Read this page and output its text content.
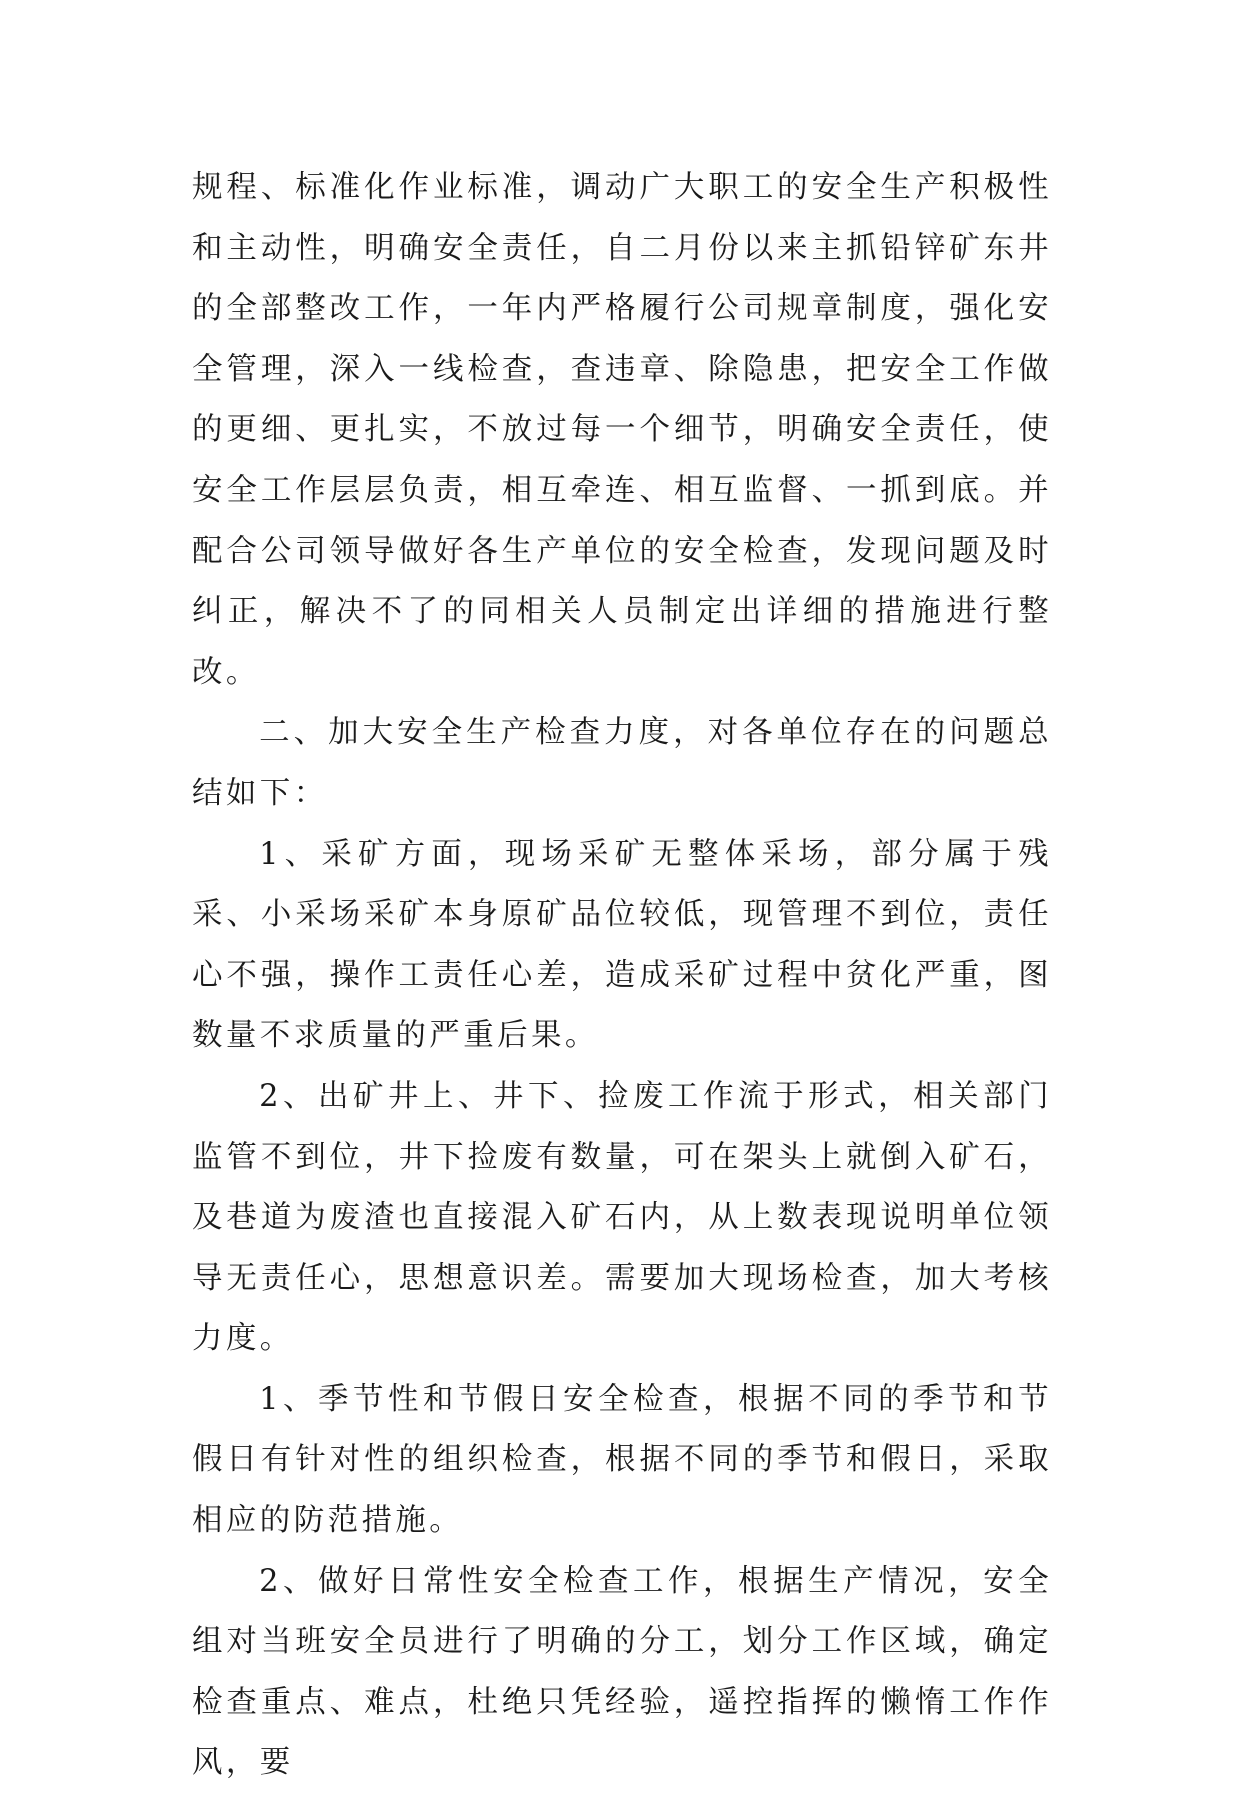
规程、标准化作业标准，调动广大职工的安全生产积极性和主动性，明确安全责任，自二月份以来主抓铅锌矿东井的全部整改工作，一年内严格履行公司规章制度，强化安全管理，深入一线检查，查违章、除隐患，把安全工作做的更细、更扎实，不放过每一个细节，明确安全责任，使安全工作层层负责，相互牵连、相互监督、一抓到底。并配合公司领导做好各生产单位的安全检查，发现问题及时纠正，解决不了的同相关人员制定出详细的措施进行整改。

二、加大安全生产检查力度，对各单位存在的问题总结如下：

1、采矿方面，现场采矿无整体采场，部分属于残采、小采场采矿本身原矿品位较低，现管理不到位，责任心不强，操作工责任心差，造成采矿过程中贫化严重，图数量不求质量的严重后果。

2、出矿井上、井下、捡废工作流于形式，相关部门监管不到位，井下捡废有数量，可在架头上就倒入矿石，及巷道为废渣也直接混入矿石内，从上数表现说明单位领导无责任心，思想意识差。需要加大现场检查，加大考核力度。

1、季节性和节假日安全检查，根据不同的季节和节假日有针对性的组织检查，根据不同的季节和假日，采取相应的防范措施。

2、做好日常性安全检查工作，根据生产情况，安全组对当班安全员进行了明确的分工，划分工作区域，确定检查重点、难点，杜绝只凭经验，遥控指挥的懒惰工作作风，要
